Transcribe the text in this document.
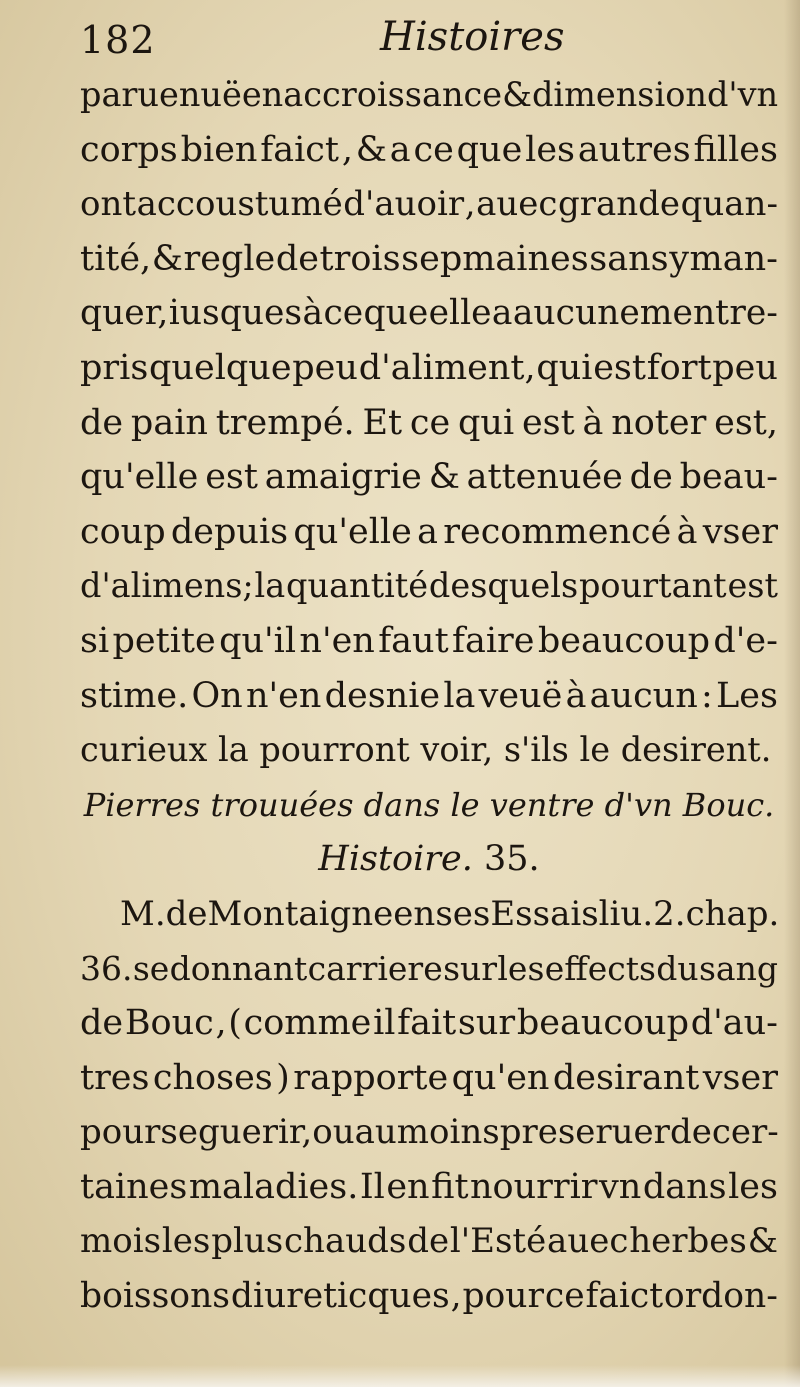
182	Histoires
paruenuë en accroissance & dimension d'vn
corps bien faict , & a ce que les autres filles
ont accoustumé d'auoir , auec grande quan-
tité, & regle de trois sepmaines sans y man-
quer, iusques à ce que elle a aucunement re-
pris quelque peu d'aliment, qui est fort peu
de pain trempé. Et ce qui est à noter est,
qu'elle est amaigrie & attenuée de beau-
coup depuis qu'elle a recommencé à vser
d'alimens; la quantité desquels pourtant est
si petite qu'il n'en faut faire beaucoup d'e-
stime. On n'en desnie la veuë à aucun : Les
curieux la pourront voir, s'ils le desirent.
Pierres trouuées dans le ventre d'vn Bouc.
Histoire. 35.
M. de Montaigne en ses Essais liu.2. chap.
36. se donnant carriere sur les effects du sang
de Bouc , ( comme il fait sur beaucoup d'au-
tres choses ) rapporte qu'en desirant vser
pour se guerir, ou au moins preseruer de cer-
taines maladies. Il en fit nourrir vn dans les
mois les plus chauds de l'Esté auec herbes &
boissons diureticques , pour ce faict ordon-
